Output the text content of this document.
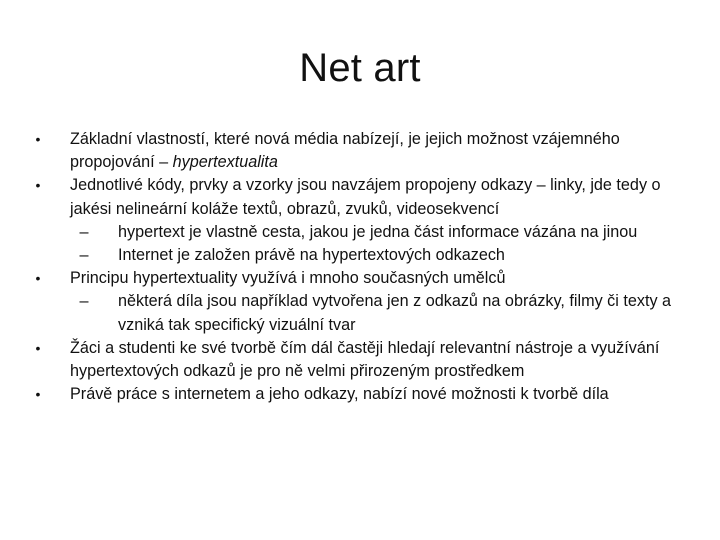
Net art
•	Základní vlastností, které nová média nabízejí, je jejich možnost vzájemného propojování – hypertextualita
•	Jednotlivé kódy, prvky a vzorky jsou navzájem propojeny odkazy – linky, jde tedy o jakési nelineární koláže textů, obrazů, zvuků, videosekvencí
–	hypertext je vlastně cesta, jakou je jedna část informace vázána na jinou
–	Internet je založen právě na hypertextových odkazech
•	Principu hypertextuality využívá i mnoho současných umělců
–	některá díla jsou například vytvořena jen z odkazů na obrázky, filmy či texty a vzniká tak specifický vizuální tvar
•	Žáci a studenti ke své tvorbě čím dál častěji hledají relevantní nástroje a využívání hypertextových odkazů je pro ně velmi přirozeným prostředkem
•	Právě práce s internetem a jeho odkazy, nabízí nové možnosti k tvorbě díla
